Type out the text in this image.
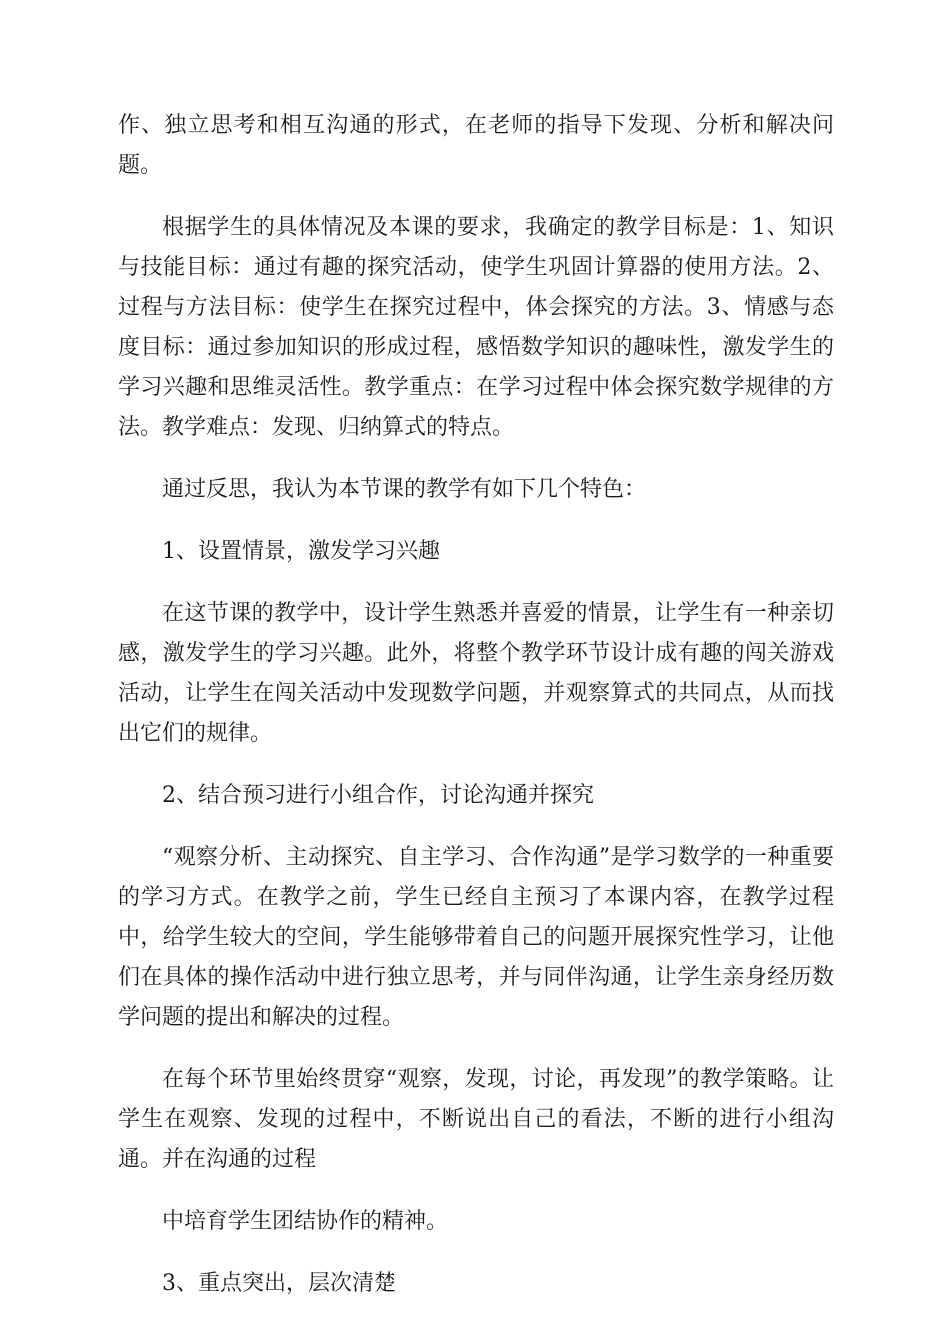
作、独立思考和相互沟通的形式，在老师的指导下发现、分析和解决问题。

根据学生的具体情况及本课的要求，我确定的教学目标是：1、知识与技能目标：通过有趣的探究活动，使学生巩固计算器的使用方法。2、过程与方法目标：使学生在探究过程中，体会探究的方法。3、情感与态度目标：通过参加知识的形成过程，感悟数学知识的趣味性，激发学生的学习兴趣和思维灵活性。教学重点：在学习过程中体会探究数学规律的方法。教学难点：发现、归纳算式的特点。

通过反思，我认为本节课的教学有如下几个特色：

1、设置情景，激发学习兴趣

在这节课的教学中，设计学生熟悉并喜爱的情景，让学生有一种亲切感，激发学生的学习兴趣。此外，将整个教学环节设计成有趣的闯关游戏活动，让学生在闯关活动中发现数学问题，并观察算式的共同点，从而找出它们的规律。

2、结合预习进行小组合作，讨论沟通并探究

“观察分析、主动探究、自主学习、合作沟通”是学习数学的一种重要的学习方式。在教学之前，学生已经自主预习了本课内容，在教学过程中，给学生较大的空间，学生能够带着自己的问题开展探究性学习，让他们在具体的操作活动中进行独立思考，并与同伴沟通，让学生亲身经历数学问题的提出和解决的过程。

在每个环节里始终贯穿“观察，发现，讨论，再发现”的教学策略。让学生在观察、发现的过程中，不断说出自己的看法，不断的进行小组沟通。并在沟通的过程

中培育学生团结协作的精神。

3、重点突出，层次清楚
